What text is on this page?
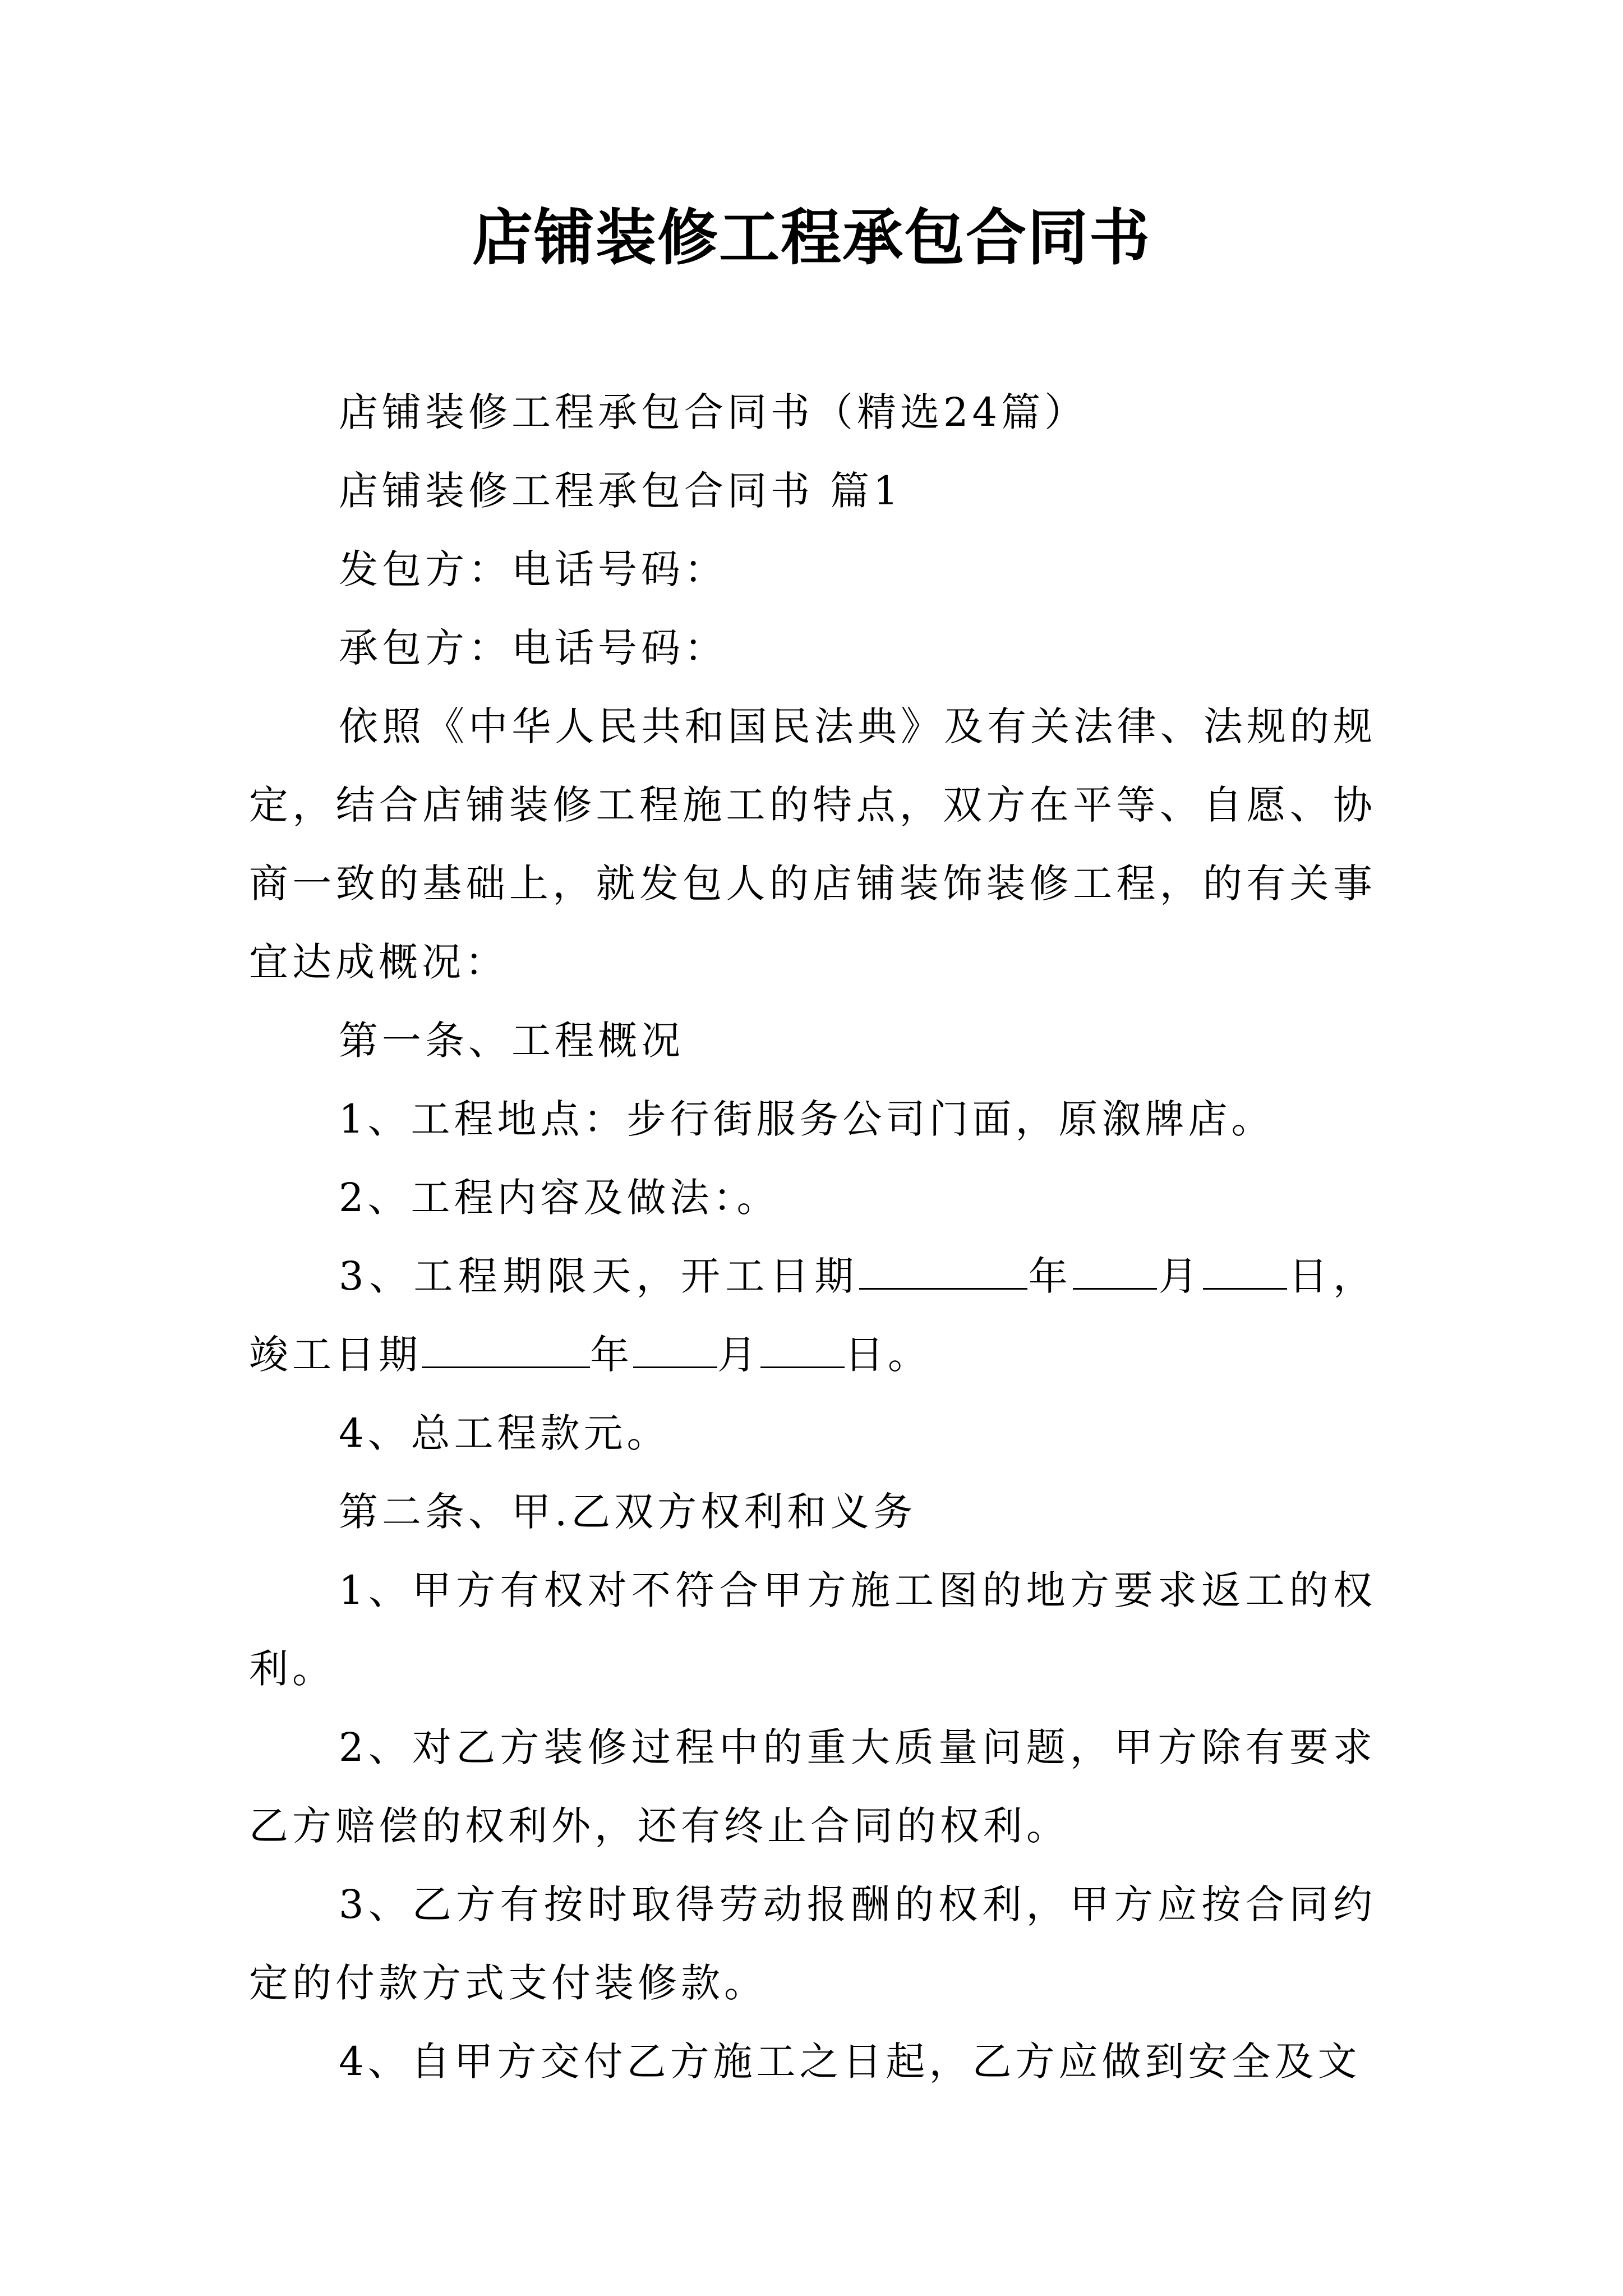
店铺装修工程承包合同书

店铺装修工程承包合同书（精选24篇）

店铺装修工程承包合同书 篇1

发包方：电话号码：

承包方：电话号码：

依照《中华人民共和国民法典》及有关法律、法规的规定，结合店铺装修工程施工的特点，双方在平等、自愿、协商一致的基础上，就发包人的店铺装饰装修工程，的有关事宜达成概况：

第一条、工程概况

1、工程地点：步行街服务公司门面，原溆牌店。

2、工程内容及做法：。

3、工程期限天，开工日期	年 月 日，竣工日期	年 月 日。

4、总工程款元。

第二条、甲.乙双方权利和义务

1、甲方有权对不符合甲方施工图的地方要求返工的权利。

2、对乙方装修过程中的重大质量问题，甲方除有要求乙方赔偿的权利外，还有终止合同的权利。

3、乙方有按时取得劳动报酬的权利，甲方应按合同约定的付款方式支付装修款。

4、自甲方交付乙方施工之日起，乙方应做到安全及文
